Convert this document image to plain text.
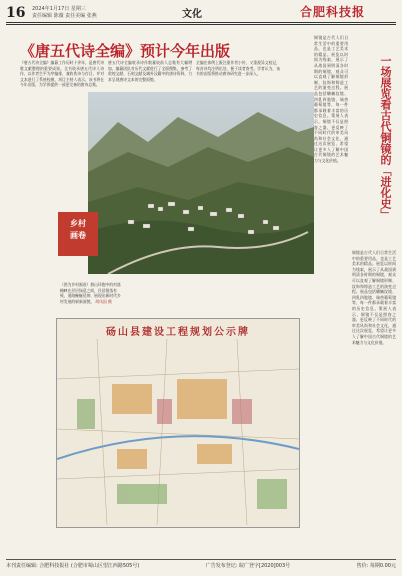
16 2024年1月17日 星期三
责任编辑 陈薇 责任美编 张燕	文化	合肥科技报
《唐五代诗全编》预计今年出版

《唐五代诗全编》编纂工作历时十余年，是唐代诗歌文献整理的重要成果。全书收录唐五代诗人诗作，以作者生平为序编排，兼收佚诗与存目，并对文本进行了系统校勘。项目主持人表示，该书将在今年出版，为学界提供一部更完备的唐诗总集。

唐五代诗全编收录诗作数量较前人总集有大幅增加，编纂团队对历代文献进行了全面搜集，参考了敦煌文献、石刻文献及域外汉籍中的唐诗资料，力求呈现唐诗文本的完整面貌。

全编在体例上既注重作者小传，又重视异文校记，每首诗均注明出处，便于读者查考。学者认为，该书的出版将推动唐诗研究进一步深入。

乡村
画卷
（图为乡村画卷）群山环抱中的村落掩映在层层绿意之间，民居错落有致，道路蜿蜒延伸，展现出新时代乡村发展的崭新面貌。 胡凤国 摄
砀山县建设工程规划公示牌
一场展览看古代铜镜的「进化史」

铜镜是古代人们日常生活中的重要用品，也是工艺美术的精品。展览以时间为线索，展示了从战国到明清各时期的铜镜，观众可以直观了解铜镜形制、纹饰和铸造工艺的演变过程。展品包括蟠螭纹镜、四乳四虺镜、瑞兽葡萄镜等，每一件都承载着丰富的历史信息。策展人表示，铜镜不仅是照容之器，更反映了不同时代的审美风尚和社会文化，通过这次展览，希望让更多人了解中国古代铜镜的艺术魅力与文化价值。

铜镜是古代人们日常生活中的重要用品，也是工艺美术的精品。展览以时间为线索，展示了从战国到明清各时期的铜镜，观众可以直观了解铜镜形制、纹饰和铸造工艺的演变过程。展品包括蟠螭纹镜、四乳四虺镜、瑞兽葡萄镜等，每一件都承载着丰富的历史信息。策展人表示，铜镜不仅是照容之器，更反映了不同时代的审美风尚和社会文化，通过这次展览，希望让更多人了解中国古代铜镜的艺术魅力与文化价值。

本刊责任编辑: 合肥科技报社 (合肥市蜀山区望江西路505号)	广告发布登记: 皖广登字[2020]003号	售价: 每期0.00元
